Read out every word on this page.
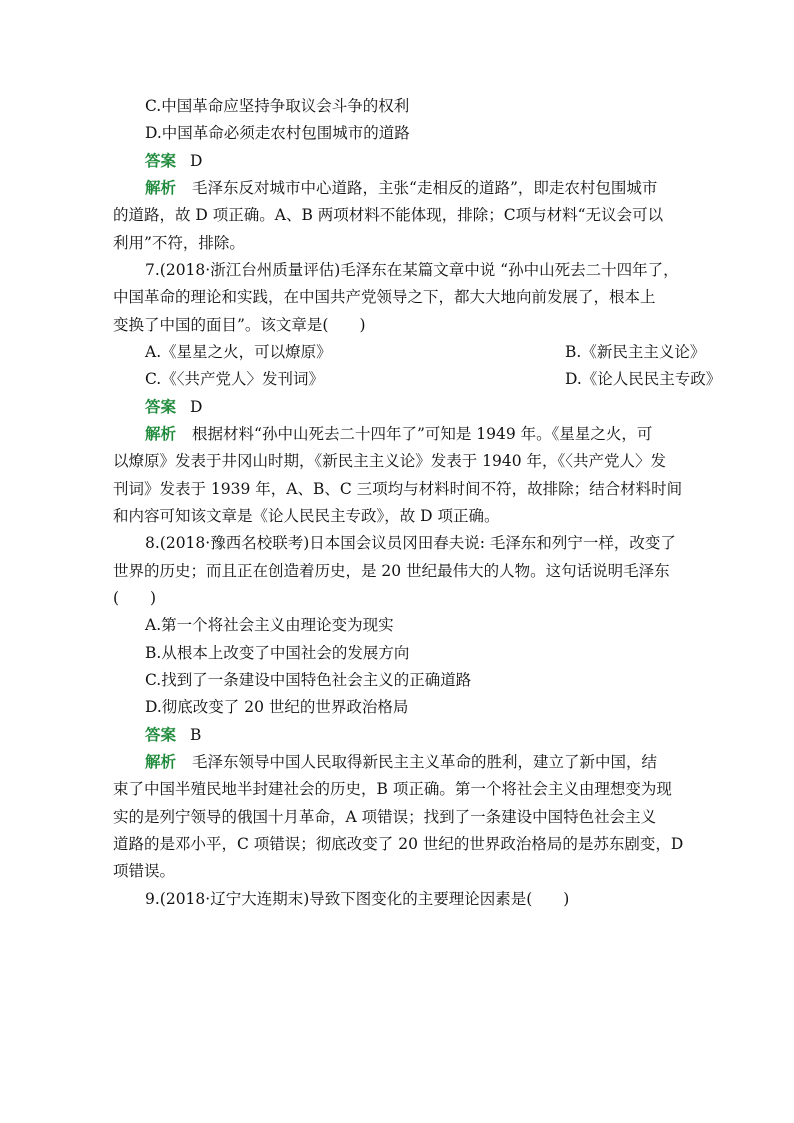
C.中国革命应坚持争取议会斗争的权利
D.中国革命必须走农村包围城市的道路
答案 D
解析 毛泽东反对城市中心道路，主张“走相反的道路”，即走农村包围城市
的道路，故 D 项正确。A、B 两项材料不能体现，排除；C项与材料“无议会可以
利用”不符，排除。
7.(2018·浙江台州质量评估)毛泽东在某篇文章中说 “孙中山死去二十四年了，
中国革命的理论和实践，在中国共产党领导之下，都大大地向前发展了，根本上
变换了中国的面目”。该文章是(　　)
A.《星星之火，可以燎原》	B.《新民主主义论》
C.《〈共产党人〉发刊词》	D.《论人民民主专政》
答案 D
解析 根据材料“孙中山死去二十四年了”可知是 1949 年。《星星之火，可
以燎原》发表于井冈山时期，《新民主主义论》发表于 1940 年，《〈共产党人〉发
刊词》发表于 1939 年，A、B、C 三项均与材料时间不符，故排除；结合材料时间
和内容可知该文章是《论人民民主专政》，故 D 项正确。
8.(2018·豫西名校联考)日本国会议员冈田春夫说: 毛泽东和列宁一样，改变了
世界的历史；而且正在创造着历史，是 20 世纪最伟大的人物。这句话说明毛泽东
(　　)
A.第一个将社会主义由理论变为现实
B.从根本上改变了中国社会的发展方向
C.找到了一条建设中国特色社会主义的正确道路
D.彻底改变了 20 世纪的世界政治格局
答案 B
解析 毛泽东领导中国人民取得新民主主义革命的胜利，建立了新中国，结
束了中国半殖民地半封建社会的历史，B 项正确。第一个将社会主义由理想变为现
实的是列宁领导的俄国十月革命，A 项错误；找到了一条建设中国特色社会主义
道路的是邓小平，C 项错误；彻底改变了 20 世纪的世界政治格局的是苏东剧变，D
项错误。
9.(2018·辽宁大连期末)导致下图变化的主要理论因素是(　　)
